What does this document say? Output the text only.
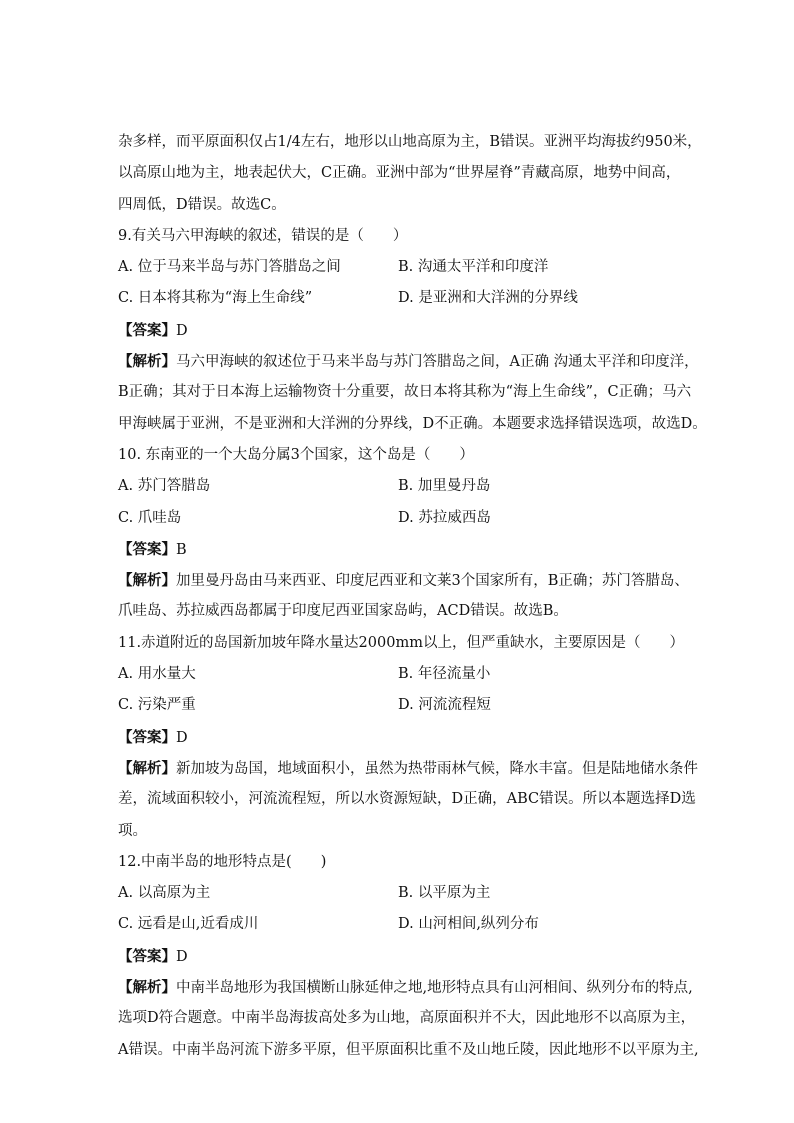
杂多样，而平原面积仅占1/4左右，地形以山地高原为主，B错误。亚洲平均海拔约950米，
以高原山地为主，地表起伏大，C正确。亚洲中部为“世界屋脊”青藏高原，地势中间高，
四周低，D错误。故选C。
9.有关马六甲海峡的叙述，错误的是（　　）
A. 位于马来半岛与苏门答腊岛之间	B. 沟通太平洋和印度洋
C. 日本将其称为“海上生命线”	D. 是亚洲和大洋洲的分界线
【答案】D
【解析】马六甲海峡的叙述位于马来半岛与苏门答腊岛之间，A正确 沟通太平洋和印度洋，
B正确；其对于日本海上运输物资十分重要，故日本将其称为“海上生命线”，C正确；马六
甲海峡属于亚洲，不是亚洲和大洋洲的分界线，D不正确。本题要求选择错误选项，故选D。
10. 东南亚的一个大岛分属3个国家，这个岛是（　　）
A. 苏门答腊岛	B. 加里曼丹岛
C. 爪哇岛	D. 苏拉威西岛
【答案】B
【解析】加里曼丹岛由马来西亚、印度尼西亚和文莱3个国家所有，B正确；苏门答腊岛、
爪哇岛、苏拉威西岛都属于印度尼西亚国家岛屿，ACD错误。故选B。
11.赤道附近的岛国新加坡年降水量达2000mm以上，但严重缺水，主要原因是（　　）
A. 用水量大	B. 年径流量小
C. 污染严重	D. 河流流程短
【答案】D
【解析】新加坡为岛国，地域面积小，虽然为热带雨林气候，降水丰富。但是陆地储水条件
差，流域面积较小，河流流程短，所以水资源短缺，D正确，ABC错误。所以本题选择D选
项。
12.中南半岛的地形特点是(　　)
A. 以高原为主	B. 以平原为主
C. 远看是山,近看成川	D. 山河相间,纵列分布
【答案】D
【解析】中南半岛地形为我国横断山脉延伸之地,地形特点具有山河相间、纵列分布的特点,
选项D符合题意。中南半岛海拔高处多为山地，高原面积并不大，因此地形不以高原为主，
A错误。中南半岛河流下游多平原，但平原面积比重不及山地丘陵，因此地形不以平原为主,
